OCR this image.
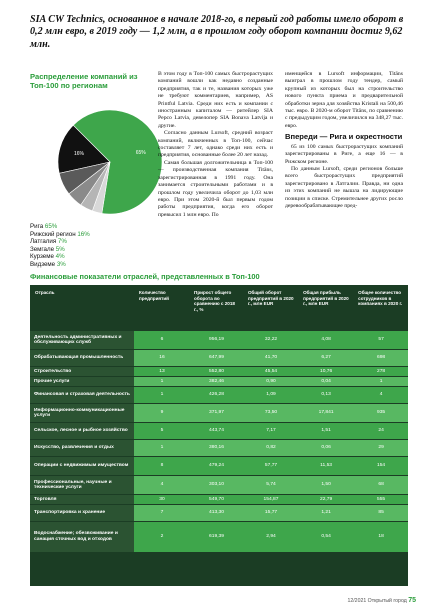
SIA CW Technics, основанное в начале 2018-го, в первый год работы имело оборот в 0,2 млн евро, в 2019 году — 1,2 млн, а в прошлом году оборот компании достиг 9,62 млн.
Распределение компаний из Топ-100 по регионам
65%
16%
Рига 65%
Рижский регион 16%
Латгалия 7%
Земгале 5%
Курземе 4%
Видземе 3%

В этом году в Топ-100 самых быстрорастущих компаний вошли как недавно созданные предприятия, так и те, названия которых уже не требуют комментариев, например, AS Printful Latvia. Среди них есть и компании с иностранным капиталом — ритейлер SIA Pepco Latvia, девелопер SIA Bonava Latvija и другие.

Согласно данным Lursoft, средний возраст компаний, включенных в Топ-100, сейчас составляет 7 лет, однако среди них есть и предприятия, основанные более 20 лет назад.

Самая большая долгожительница в Топ-100 — производственная компания Titāns, зарегистрированная в 1991 году. Она занимается строительными работами и в прошлом году увеличила оборот до 1,03 млн евро. При этом 2020-й был первым годом работы предприятия, когда его оборот превысил 1 млн евро. По

именщейся в Lursoft информации, Titāns выиграл в прошлом году тендер, самый крупный из которых был на строительство нового пункта приема и предварительной обработки зерна для хозяйства Kristali на 500,46 тыс. евро. В 2020-м оборот Titāns, по сравнению с предыдущим годом, увеличился на 348,27 тыс. евро.

Впереди — Рига и окрестности

65 из 100 самых быстрорастущих компаний зарегистрированы в Риге, а еще 16 — в Рижском регионе.

По данным Lursoft, среди регионов больше всего быстрорастущих предприятий зарегистрировано в Латгалии. Правда, ни одна из этих компаний не вышла на лидирующие позиции в списке. Стремительнее других росло деревообрабатывающее пред-

Финансовые показатели отраслей, представленных в Топ-100
Отрасль	Количество предприятий	Прирост общего оборота во сравнению с 2018 г., %	Общий оборот предприятий в 2020 г., млн EUR	Общая прибыль предприятий в 2020 г., млн EUR	Общее количество сотрудников в компаниях в 2020 г.
Деятельность административных и обслуживающих служб	6	956,19	32,22	4,08	57
Обрабатывающая промышленность	16	647,99	41,70	6,27	698
Строительство	13	552,80	45,54	10,76	278
Прочие услуги	1	382,46	0,90	0,04	1
Финансовая и страховая деятельность	1	426,28	1,09	0,13	4
Информационно-коммуникационные услуги	9	371,97	73,50	17,841	935
Сельское, лесное и рыбное хозяйство	5	443,74	7,17	1,51	24
Искусство, развлечения и отдых	1	380,16	0,82	0,06	29
Операции с недвижимым имуществом	8	479,24	57,77	11,53	154
Профессиональные, научные и технические услуги	4	303,10	5,74	1,50	68
Торговля	30	549,70	154,87	22,79	555
Транспортировка и хранение	7	413,30	15,77	1,21	85
Водоснабжение; обезвоживание и санация сточных вод и отходов	2	619,39	2,94	0,54	18
12/2021 Открытый город 75
